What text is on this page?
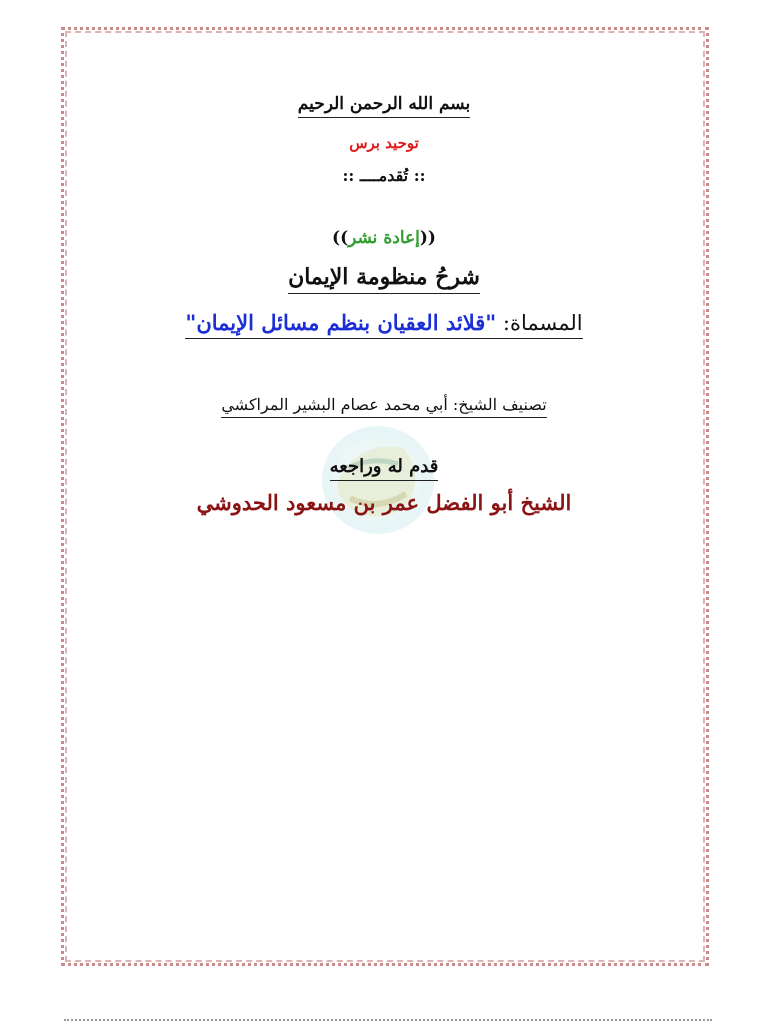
بسم الله الرحمن الرحيم
توحيد برس
:: تُقدمــــ ::
((إعادة نشر))
شرحُ منظومة الإيمان
المسماة: "قلائد العقيان بنظم مسائل الإيمان"
تصنيف الشيخ: أبي محمد عصام البشير المراكشي
قدم له وراجعه
الشيخ أبو الفضل عمر بن مسعود الحدوشي
